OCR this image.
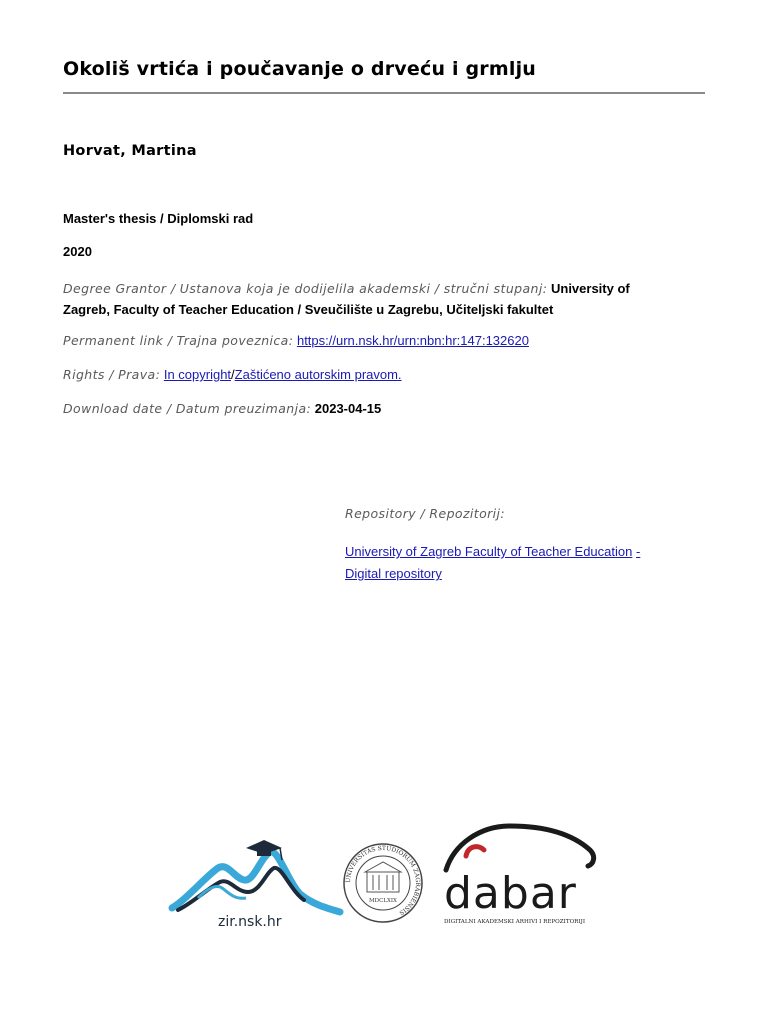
Okoliš vrtića i poučavanje o drveću i grmlju
Horvat, Martina
Master's thesis / Diplomski rad
2020
Degree Grantor / Ustanova koja je dodijelila akademski / stručni stupanj: University of
Zagreb, Faculty of Teacher Education / Sveučilište u Zagrebu, Učiteljski fakultet
Permanent link / Trajna poveznica: https://urn.nsk.hr/urn:nbn:hr:147:132620
Rights / Prava: In copyright/Zaštićeno autorskim pravom.
Download date / Datum preuzimanja: 2023-04-15
Repository / Repozitorij:
University of Zagreb Faculty of Teacher Education -
Digital repository
zir.nsk.hr
UNIVERSITAS STUDIORUM ZAGRABIENSIS
MDCLXIX dabar
DIGITALNI AKADEMSKI ARHIVI I REPOZITORIJI
